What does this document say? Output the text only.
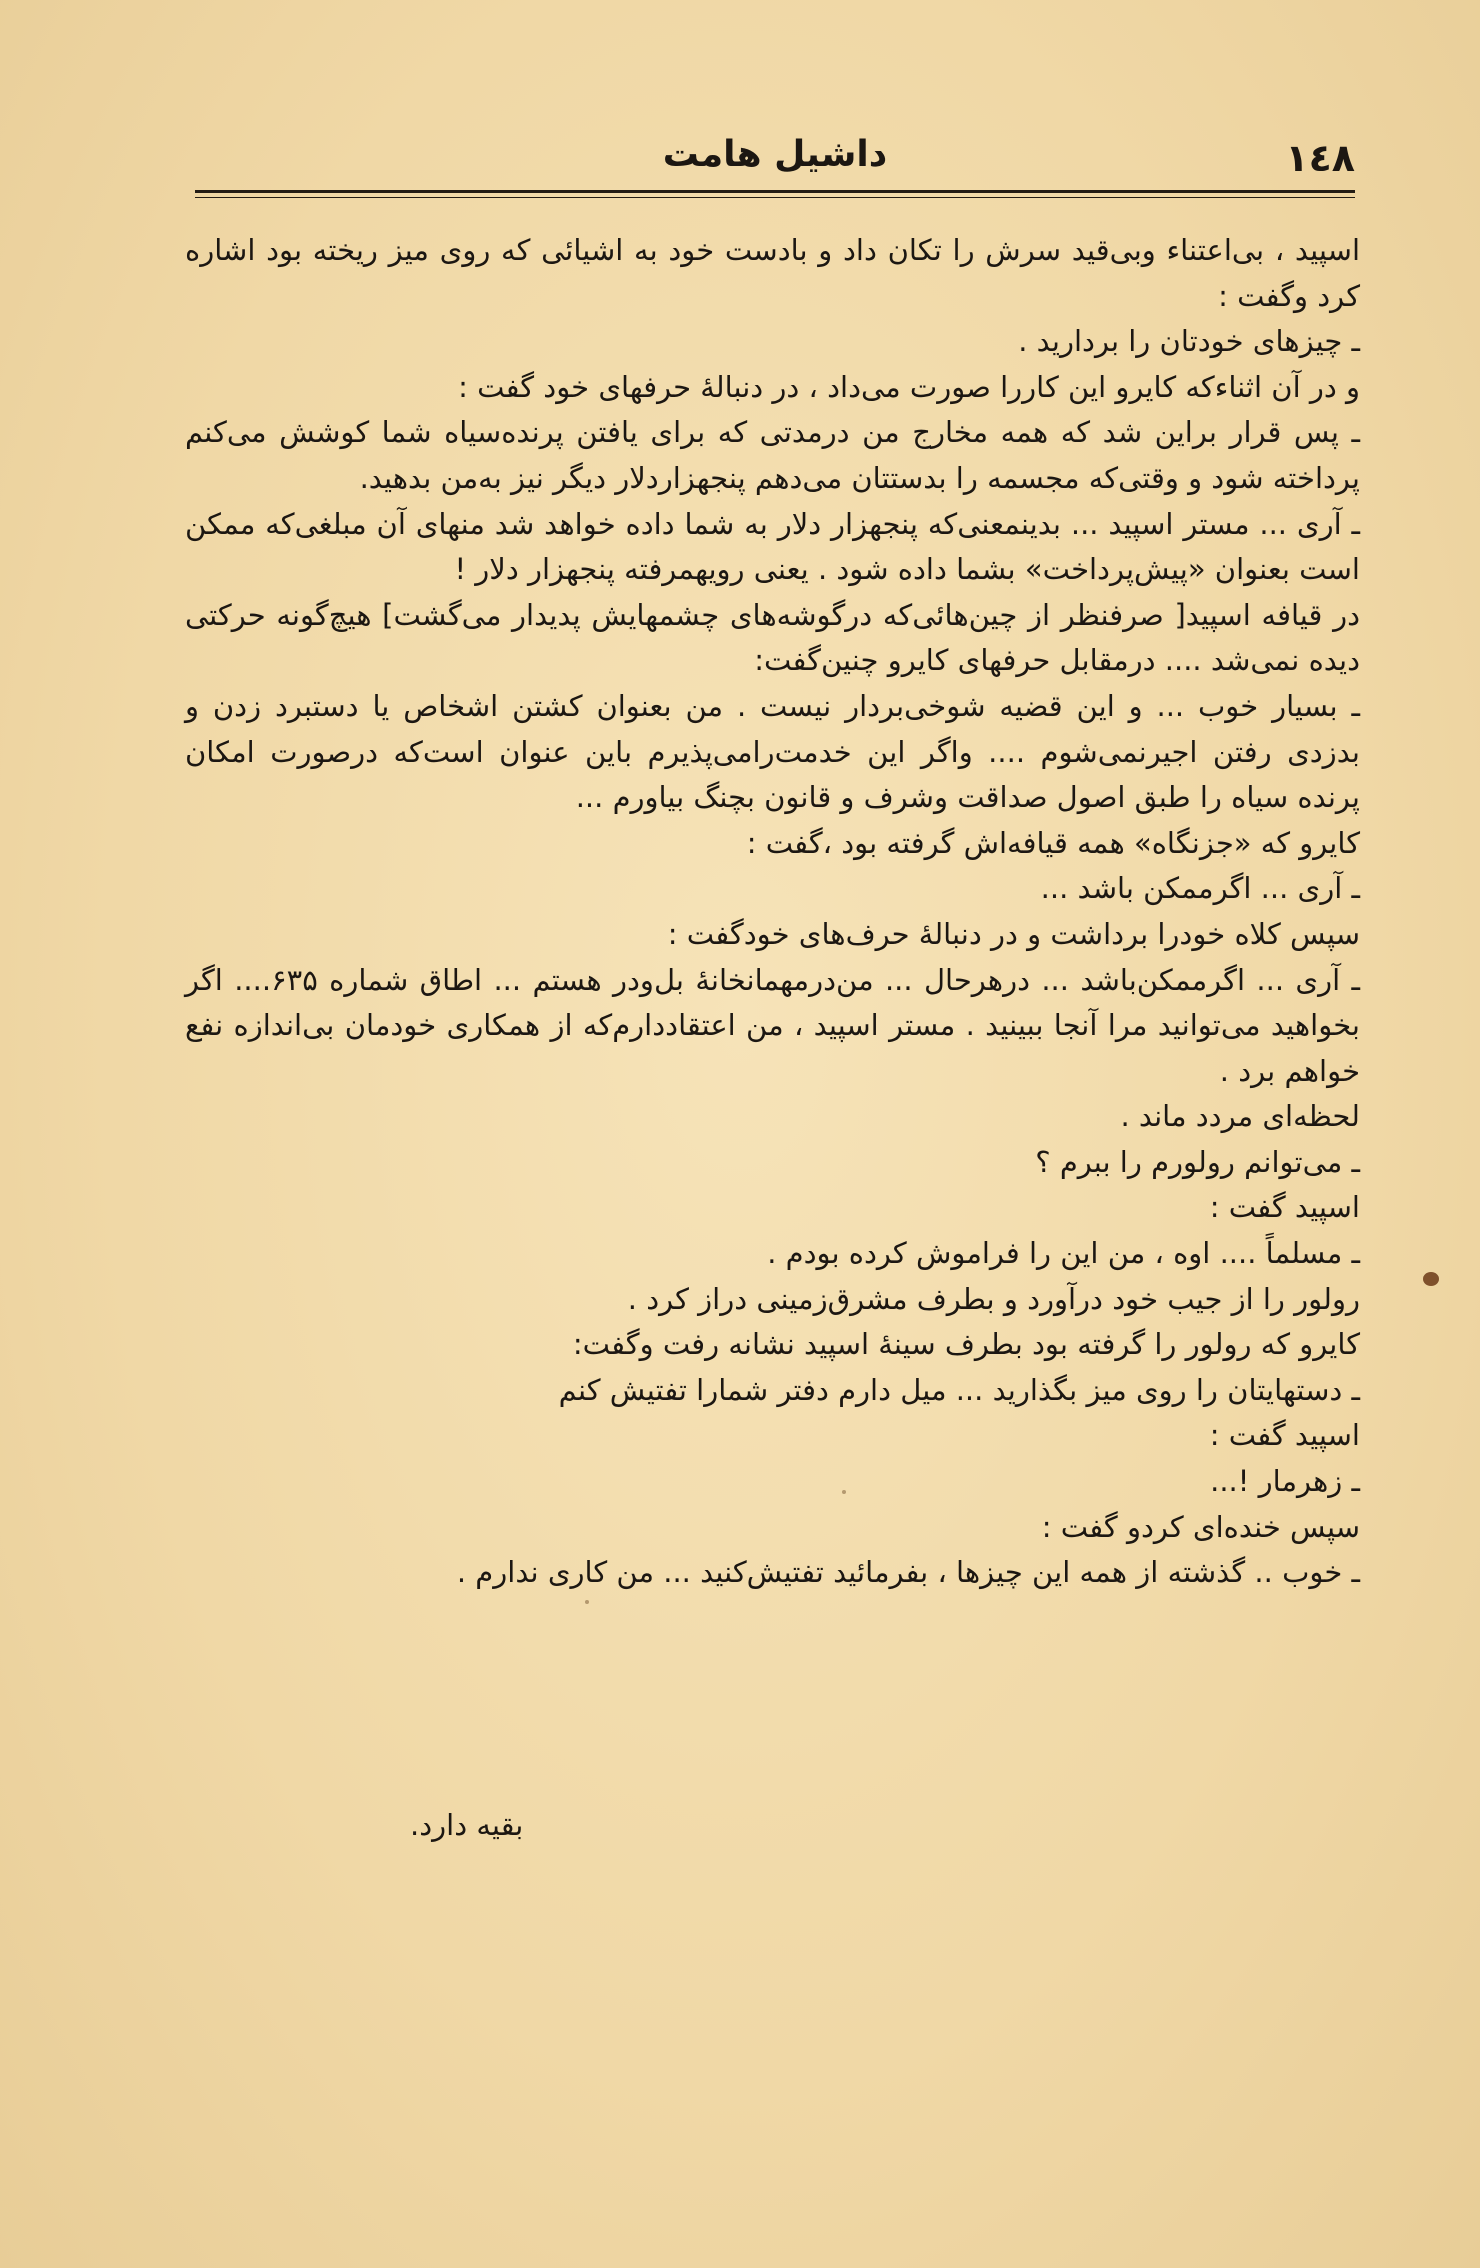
١٤٨
داشیل هامت

اسپید ، بی‌اعتناء وبی‌قید سرش را تکان داد و بادست خود به اشیائی که روی میز ریخته بود اشاره کرد وگفت :

ـ چیزهای خودتان را بردارید .

و در آن اثناءکه کایرو این کاررا صورت می‌داد ، در دنبالهٔ حرفهای خود گفت :

ـ پس قرار براین شد که همه مخارج من درمدتی که برای یافتن پرنده‌سیاه شما کوشش می‌کنم پرداخته شود و وقتی‌که مجسمه را بدستتان می‌دهم پنجهزاردلار دیگر نیز به‌من بدهید.

ـ آری ... مستر اسپید ... بدینمعنی‌که پنجهزار دلار به شما داده خواهد شد منهای آن مبلغی‌که ممکن است بعنوان «پیش‌پرداخت» بشما داده شود . یعنی رویهمرفته پنجهزار دلار !

در قیافه اسپید[ صرفنظر از چین‌هائی‌که درگوشه‌های چشمهایش پدیدار می‌گشت] هیچ‌گونه حرکتی دیده نمی‌شد .... درمقابل حرفهای کایرو چنین‌گفت:

ـ بسیار خوب ... و این قضیه شوخی‌بردار نیست . من بعنوان کشتن اشخاص یا دستبرد زدن و بدزدی رفتن اجیرنمی‌شوم .... واگر این خدمت‌رامی‌پذیرم باین عنوان است‌که درصورت امکان پرنده سیاه را طبق اصول صداقت وشرف و قانون بچنگ بیاورم ...

کایرو که «جزنگاه» همه قیافه‌اش گرفته بود ،گفت :

ـ آری ... اگرممکن باشد ...

سپس کلاه خودرا برداشت و در دنبالهٔ حرف‌های خودگفت :

ـ آری ... اگرممکن‌باشد ... درهرحال ... من‌درمهمانخانهٔ بل‌ودر هستم ... اطاق شماره ۶۳۵.... اگر بخواهید می‌توانید مرا آنجا ببینید . مستر اسپید ، من اعتقاددارم‌که از همکاری خودمان بی‌اندازه نفع خواهم برد .

لحظه‌ای مردد ماند .

ـ می‌توانم رولورم را ببرم ؟

اسپید گفت :

ـ مسلماً .... اوه ، من این را فراموش کرده بودم .

رولور را از جیب خود درآورد و بطرف مشرق‌زمینی دراز کرد .

کایرو که رولور را گرفته بود بطرف سینهٔ اسپید نشانه رفت وگفت:

ـ دستهایتان را روی میز بگذارید ... میل دارم دفتر شمارا تفتیش کنم

اسپید گفت :

ـ زهرمار !...

سپس خنده‌ای کردو گفت :

ـ خوب .. گذشته از همه این چیزها ، بفرمائید تفتیش‌کنید ... من کاری ندارم .

بقیه دارد.
